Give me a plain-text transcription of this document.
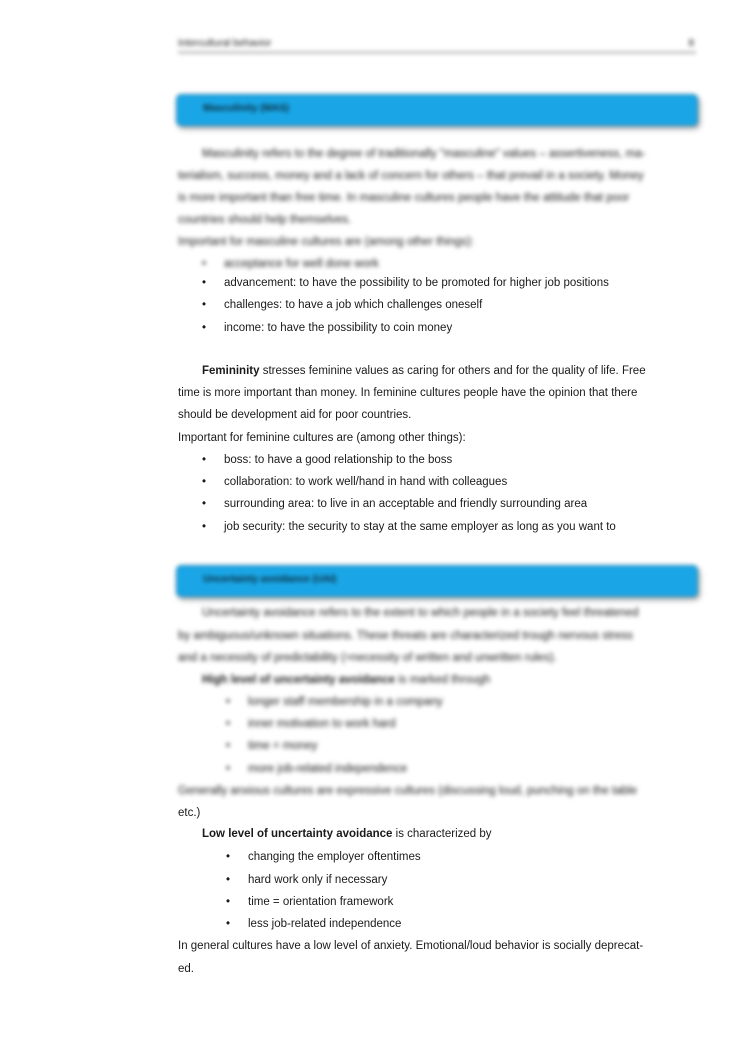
Intercultural behavior	8
Masculinity (MAS)
Masculinity refers to the degree of traditionally "masculine" values – assertiveness, ma-
terialism, success, money and a lack of concern for others – that prevail in a society. Money
is more important than free time. In masculine cultures people have the attitude that poor
countries should help themselves.
Important for masculine cultures are (among other things):
• acceptance for well done work
• advancement: to have the possibility to be promoted for higher job positions
• challenges: to have a job which challenges oneself
• income: to have the possibility to coin money
Femininity stresses feminine values as caring for others and for the quality of life. Free
time is more important than money. In feminine cultures people have the opinion that there
should be development aid for poor countries.
Important for feminine cultures are (among other things):
• boss: to have a good relationship to the boss
• collaboration: to work well/hand in hand with colleagues
• surrounding area: to live in an acceptable and friendly surrounding area
• job security: the security to stay at the same employer as long as you want to
Uncertainty avoidance (UAI)
Uncertainty avoidance refers to the extent to which people in a society feel threatened
by ambiguous/unknown situations. These threats are characterized trough nervous stress
and a necessity of predictability (=necessity of written and unwritten rules).
High level of uncertainty avoidance is marked through
• longer staff membership in a company
• inner motivation to work hard
• time = money
• more job-related independence
Generally anxious cultures are expressive cultures (discussing loud, punching on the table
etc.)
Low level of uncertainty avoidance is characterized by
• changing the employer oftentimes
• hard work only if necessary
• time = orientation framework
• less job-related independence
In general cultures have a low level of anxiety. Emotional/loud behavior is socially deprecat-
ed.
